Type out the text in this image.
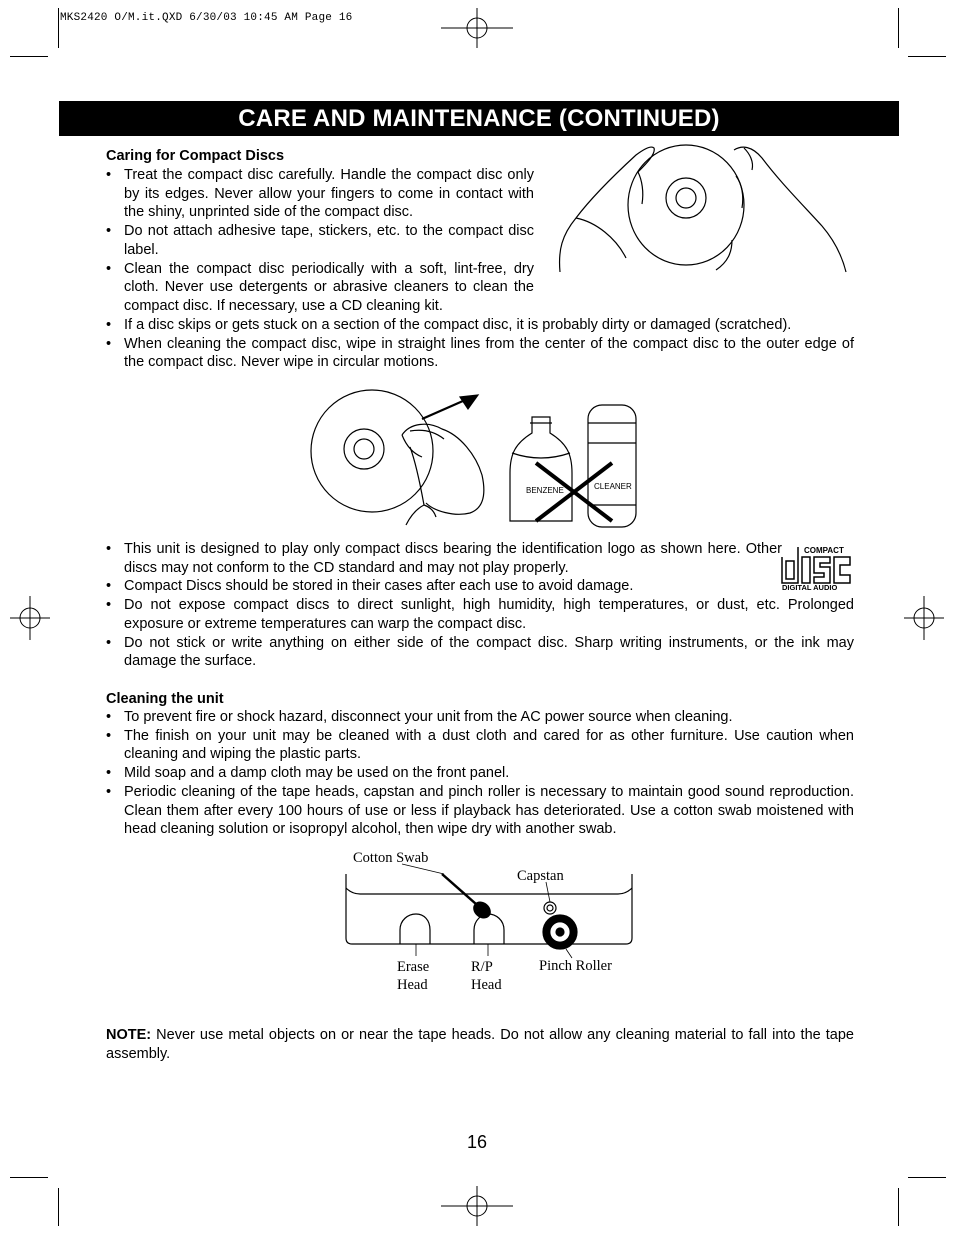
MKS2420 O/M.it.QXD 6/30/03 10:45 AM Page 16
CARE AND MAINTENANCE (CONTINUED)
Caring for Compact Discs
• Treat the compact disc carefully. Handle the compact disc only by its edges. Never allow your fingers to come in contact with the shiny, unprinted side of the compact disc.
• Do not attach adhesive tape, stickers, etc. to the compact disc label.
• Clean the compact disc periodically with a soft, lint-free, dry cloth. Never use detergents or abrasive cleaners to clean the compact disc. If necessary, use a CD cleaning kit.
• If a disc skips or gets stuck on a section of the compact disc, it is probably dirty or damaged (scratched).
• When cleaning the compact disc, wipe in straight lines from the center of the compact disc to the outer edge of the compact disc. Never wipe in circular motions.
BENZENE	CLEANER
• This unit is designed to play only compact discs bearing the identification logo as shown here. Other discs may not conform to the CD standard and may not play properly.
• Compact Discs should be stored in their cases after each use to avoid damage.
• Do not expose compact discs to direct sunlight, high humidity, high temperatures, or dust, etc. Prolonged exposure or extreme temperatures can warp the compact disc.
• Do not stick or write anything on either side of the compact disc. Sharp writing instruments, or the ink may damage the surface.
COMPACT
DIGITAL AUDIO
Cleaning the unit
• To prevent fire or shock hazard, disconnect your unit from the AC power source when cleaning.
• The finish on your unit may be cleaned with a dust cloth and cared for as other furniture. Use caution when cleaning and wiping the plastic parts.
• Mild soap and a damp cloth may be used on the front panel.
• Periodic cleaning of the tape heads, capstan and pinch roller is necessary to maintain good sound reproduction. Clean them after every 100 hours of use or less if playback has deteriorated. Use a cotton swab moistened with head cleaning solution or isopropyl alcohol, then wipe dry with another swab.
Cotton Swab
Capstan
Erase
Head
R/P
Head
Pinch Roller
NOTE: Never use metal objects on or near the tape heads. Do not allow any cleaning material to fall into the tape assembly.
16
